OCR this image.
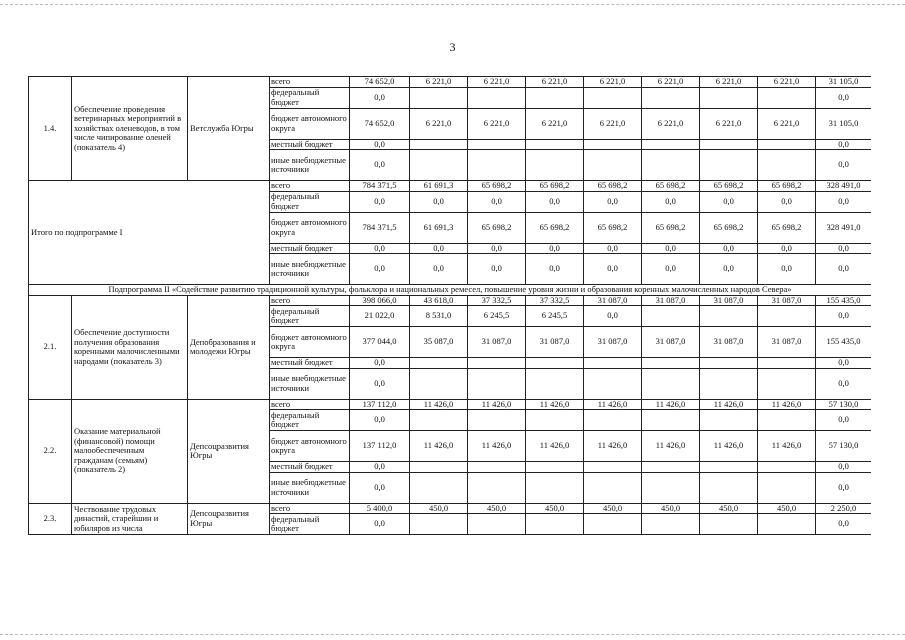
3
1.4.	Обеспечение проведения ветеринарных мероприятий в хозяйствах оленеводов, в том числе чипирование оленей (показатель 4)	Ветслужба Югры	всего	74 652,0	6 221,0	6 221,0	6 221,0	6 221,0	6 221,0	6 221,0	6 221,0	31 105,0
			федеральный бюджет	0,0								0,0
			бюджет автономного округа	74 652,0	6 221,0	6 221,0	6 221,0	6 221,0	6 221,0	6 221,0	6 221,0	31 105,0
			местный бюджет	0,0								0,0
			иные внебюджетные источники	0,0								0,0
Итого по подпрограмме I			всего	784 371,5	61 691,3	65 698,2	65 698,2	65 698,2	65 698,2	65 698,2	65 698,2	328 491,0
			федеральный бюджет	0,0	0,0	0,0	0,0	0,0	0,0	0,0	0,0	0,0
			бюджет автономного округа	784 371,5	61 691,3	65 698,2	65 698,2	65 698,2	65 698,2	65 698,2	65 698,2	328 491,0
			местный бюджет	0,0	0,0	0,0	0,0	0,0	0,0	0,0	0,0	0,0
			иные внебюджетные источники	0,0	0,0	0,0	0,0	0,0	0,0	0,0	0,0	0,0
Подпрограмма II «Содействие развитию традиционной культуры, фольклора и национальных ремесел, повышение уровня жизни и образования коренных малочисленных народов Севера»												
2.1.	Обеспечение доступности получения образования коренными малочисленными народами (показатель 3)	Депобразования и молодежи Югры	всего	398 066,0	43 618,0	37 332,5	37 332,5	31 087,0	31 087,0	31 087,0	31 087,0	155 435,0
			федеральный бюджет	21 022,0	8 531,0	6 245,5	6 245,5	0,0				0,0
			бюджет автономного округа	377 044,0	35 087,0	31 087,0	31 087,0	31 087,0	31 087,0	31 087,0	31 087,0	155 435,0
			местный бюджет	0,0								0,0
			иные внебюджетные источники	0,0								0,0
2.2.	Оказание материальной (финансовой) помощи малообеспеченным гражданам (семьям) (показатель 2)	Депсоцразвития Югры	всего	137 112,0	11 426,0	11 426,0	11 426,0	11 426,0	11 426,0	11 426,0	11 426,0	57 130,0
			федеральный бюджет	0,0								0,0
			бюджет автономного округа	137 112,0	11 426,0	11 426,0	11 426,0	11 426,0	11 426,0	11 426,0	11 426,0	57 130,0
			местный бюджет	0,0								0,0
			иные внебюджетные источники	0,0								0,0
2.3.	Чествование трудовых династий, старейшин и юбиляров из числа	Депсоцразвития Югры	всего	5 400,0	450,0	450,0	450,0	450,0	450,0	450,0	450,0	2 250,0
			федеральный бюджет	0,0								0,0
